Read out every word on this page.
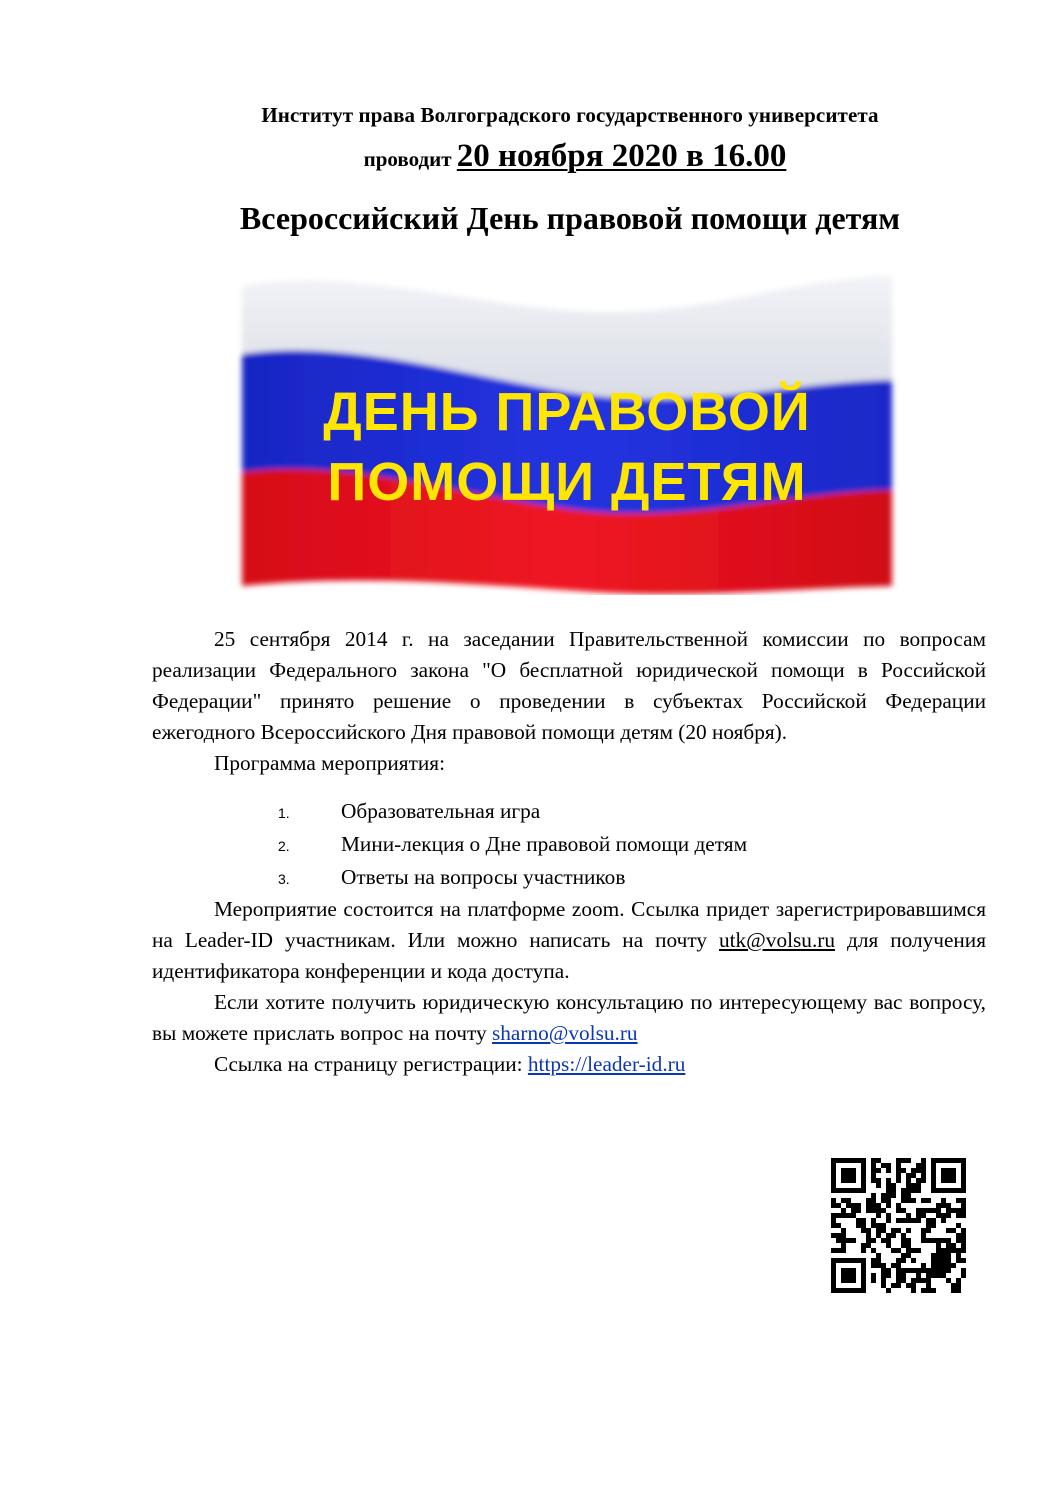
Институт права Волгоградского государственного университета
проводит 20 ноября 2020 в 16.00
Всероссийский День правовой помощи детям
ДЕНЬ ПРАВОВОЙ
ПОМОЩИ ДЕТЯМ

25 сентября 2014 г. на заседании Правительственной комиссии по вопросам реализации Федерального закона "О бесплатной юридической помощи в Российской Федерации" принято решение о проведении в субъектах Российской Федерации ежегодного Всероссийского Дня правовой помощи детям (20 ноября).

Программа мероприятия:

1. Образовательная игра
2. Мини-лекция о Дне правовой помощи детям
3. Ответы на вопросы участников

Мероприятие состоится на платформе zoom. Ссылка придет зарегистрировавшимся на Leader-ID участникам. Или можно написать на почту utk@volsu.ru для получения идентификатора конференции и кода доступа.

Если хотите получить юридическую консультацию по интересующему вас вопросу, вы можете прислать вопрос на почту sharno@volsu.ru

Ссылка на страницу регистрации: https://leader-id.ru
